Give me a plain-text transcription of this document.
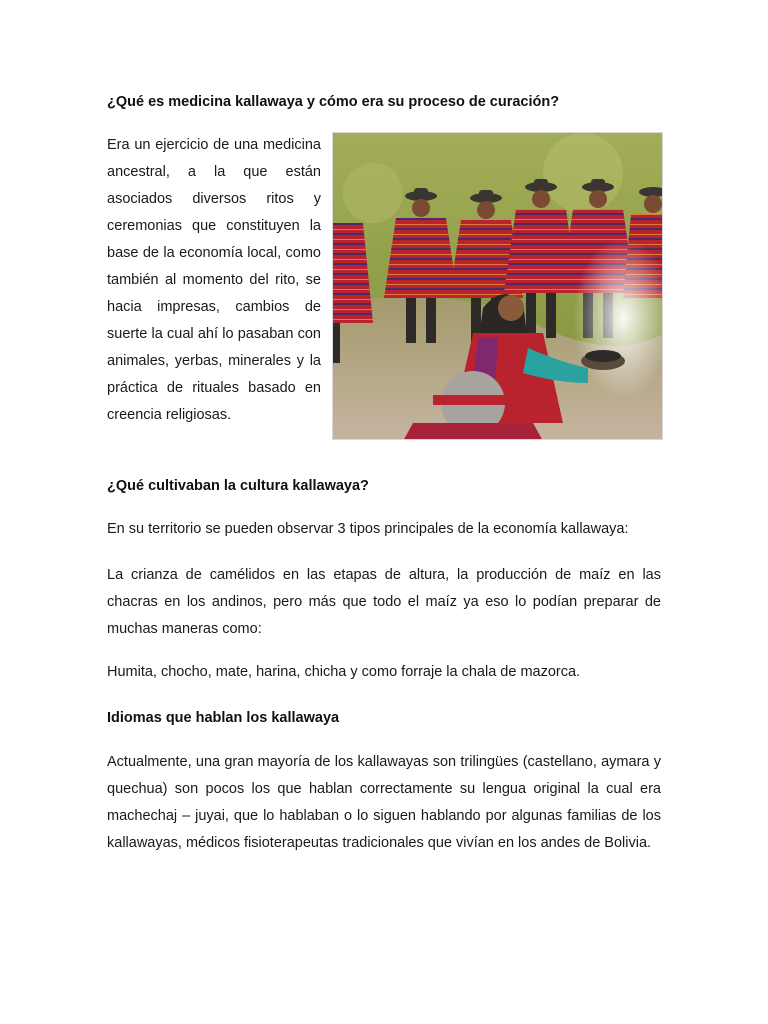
¿Qué es medicina kallawaya y cómo era su proceso de curación?

Era un ejercicio de una medicina ancestral, a la que están asociados diversos ritos y ceremonias que constituyen la base de la economía local, como también al momento del rito, se hacia impresas, cambios de suerte la cual ahí lo pasaban con animales, yerbas, minerales y la práctica de rituales basado en creencia religiosas.

¿Qué cultivaban la cultura kallawaya?

En su territorio se pueden observar 3 tipos principales de la economía kallawaya:

La crianza de camélidos en las etapas de altura, la producción de maíz en las chacras en los andinos, pero más que todo el maíz ya eso lo podían preparar de muchas maneras como:

Humita, chocho, mate, harina, chicha y como forraje la chala de mazorca.

Idiomas que hablan los kallawaya

Actualmente, una gran mayoría de los kallawayas son trilingües (castellano, aymara y quechua) son pocos los que hablan correctamente su lengua original la cual era machechaj – juyai, que lo hablaban o lo siguen hablando por algunas familias de los kallawayas, médicos fisioterapeutas tradicionales que vivían en los andes de Bolivia.
